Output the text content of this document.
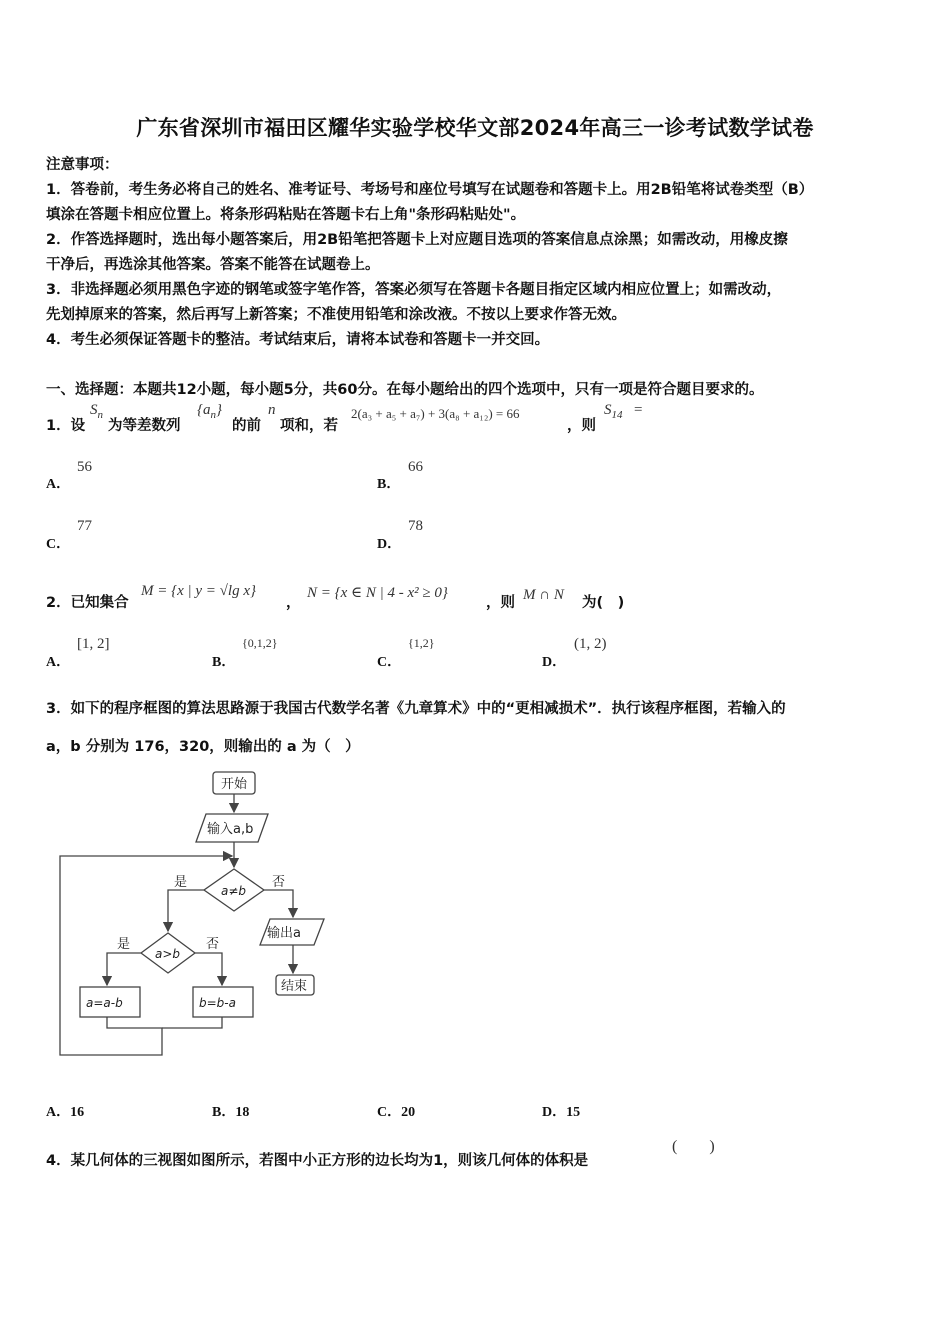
广东省深圳市福田区耀华实验学校华文部2024年高三一诊考试数学试卷
注意事项：
1．答卷前，考生务必将自己的姓名、准考证号、考场号和座位号填写在试题卷和答题卡上。用2B铅笔将试卷类型（B）
填涂在答题卡相应位置上。将条形码粘贴在答题卡右上角"条形码粘贴处"。
2．作答选择题时，选出每小题答案后，用2B铅笔把答题卡上对应题目选项的答案信息点涂黑；如需改动，用橡皮擦
干净后，再选涂其他答案。答案不能答在试题卷上。
3．非选择题必须用黑色字迹的钢笔或签字笔作答，答案必须写在答题卡各题目指定区域内相应位置上；如需改动，
先划掉原来的答案，然后再写上新答案；不准使用铅笔和涂改液。不按以上要求作答无效。
4．考生必须保证答题卡的整洁。考试结束后，请将本试卷和答题卡一并交回。
一、选择题：本题共12小题，每小题5分，共60分。在每小题给出的四个选项中，只有一项是符合题目要求的。
1．设
$S_n$
为等差数列
$\{a_n\}$
的前
n
项和，若
2(a₃ + a₅ + a₇) + 3(a₈ + a₁₂) = 66
，则
$S_{14}$ =
A．
56
B．
66
C．
77
D．
78
2．已知集合
M = {x | y = √lg x}
，
N = {x ∈ N | 4 - x² ≥ 0}
，则 M ∩ N 为(　)
A．
[1, 2]
B．
{0,1,2}
C．
{1,2}
D．
(1, 2)
3．如下的程序框图的算法思路源于我国古代数学名著《九章算术》中的“更相减损术”．执行该程序框图，若输入的
a，b 分别为 176，320，则输出的 a 为（　）
开始
输入a,b
a≠b
是	否
输出a
结束
a>b
是	否
a=a-b	b=b-a
A．16	B．18	C．20	D．15
4．某几何体的三视图如图所示，若图中小正方形的边长均为1，则该几何体的体积是
(　　)
